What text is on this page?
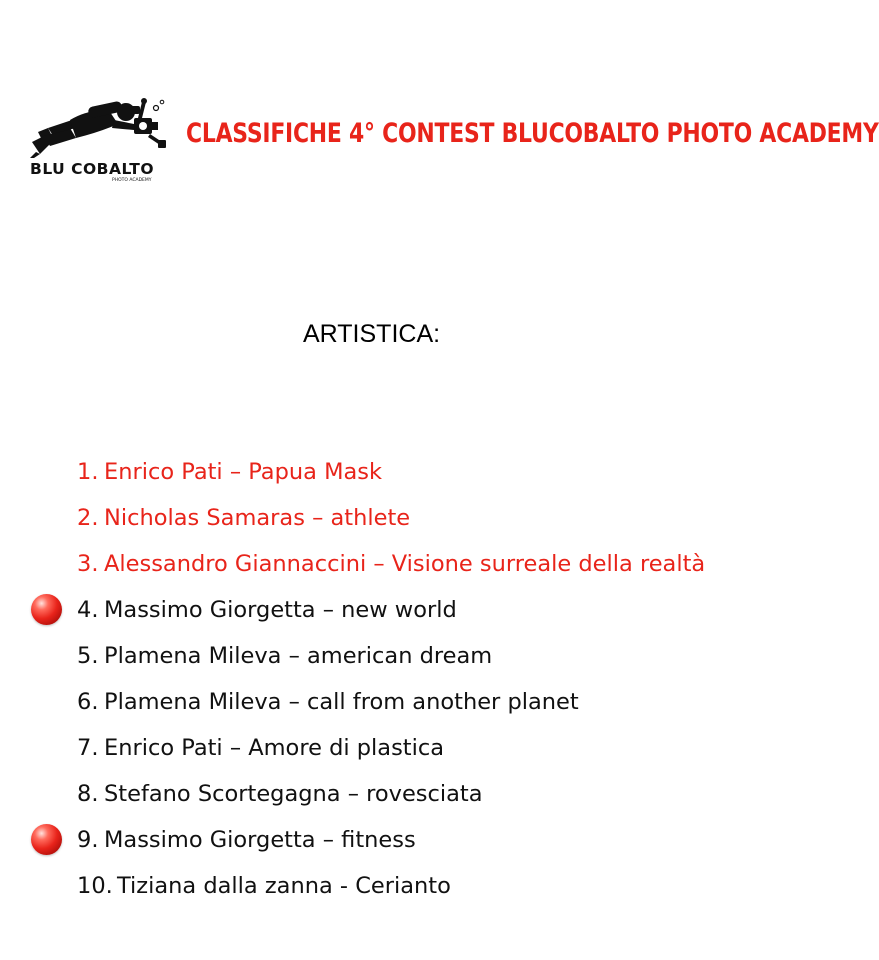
BLU COBALTO
PHOTO ACADEMY
CLASSIFICHE 4° CONTEST BLUCOBALTO PHOTO ACADEMY
ARTISTICA:
1. Enrico Pati – Papua Mask
2. Nicholas Samaras – athlete
3. Alessandro Giannaccini – Visione surreale della realtà
4. Massimo Giorgetta – new world
5. Plamena Mileva – american dream
6. Plamena Mileva – call from another planet
7. Enrico Pati – Amore di plastica
8. Stefano Scortegagna – rovesciata
9. Massimo Giorgetta – fitness
10. Tiziana dalla zanna - Cerianto
